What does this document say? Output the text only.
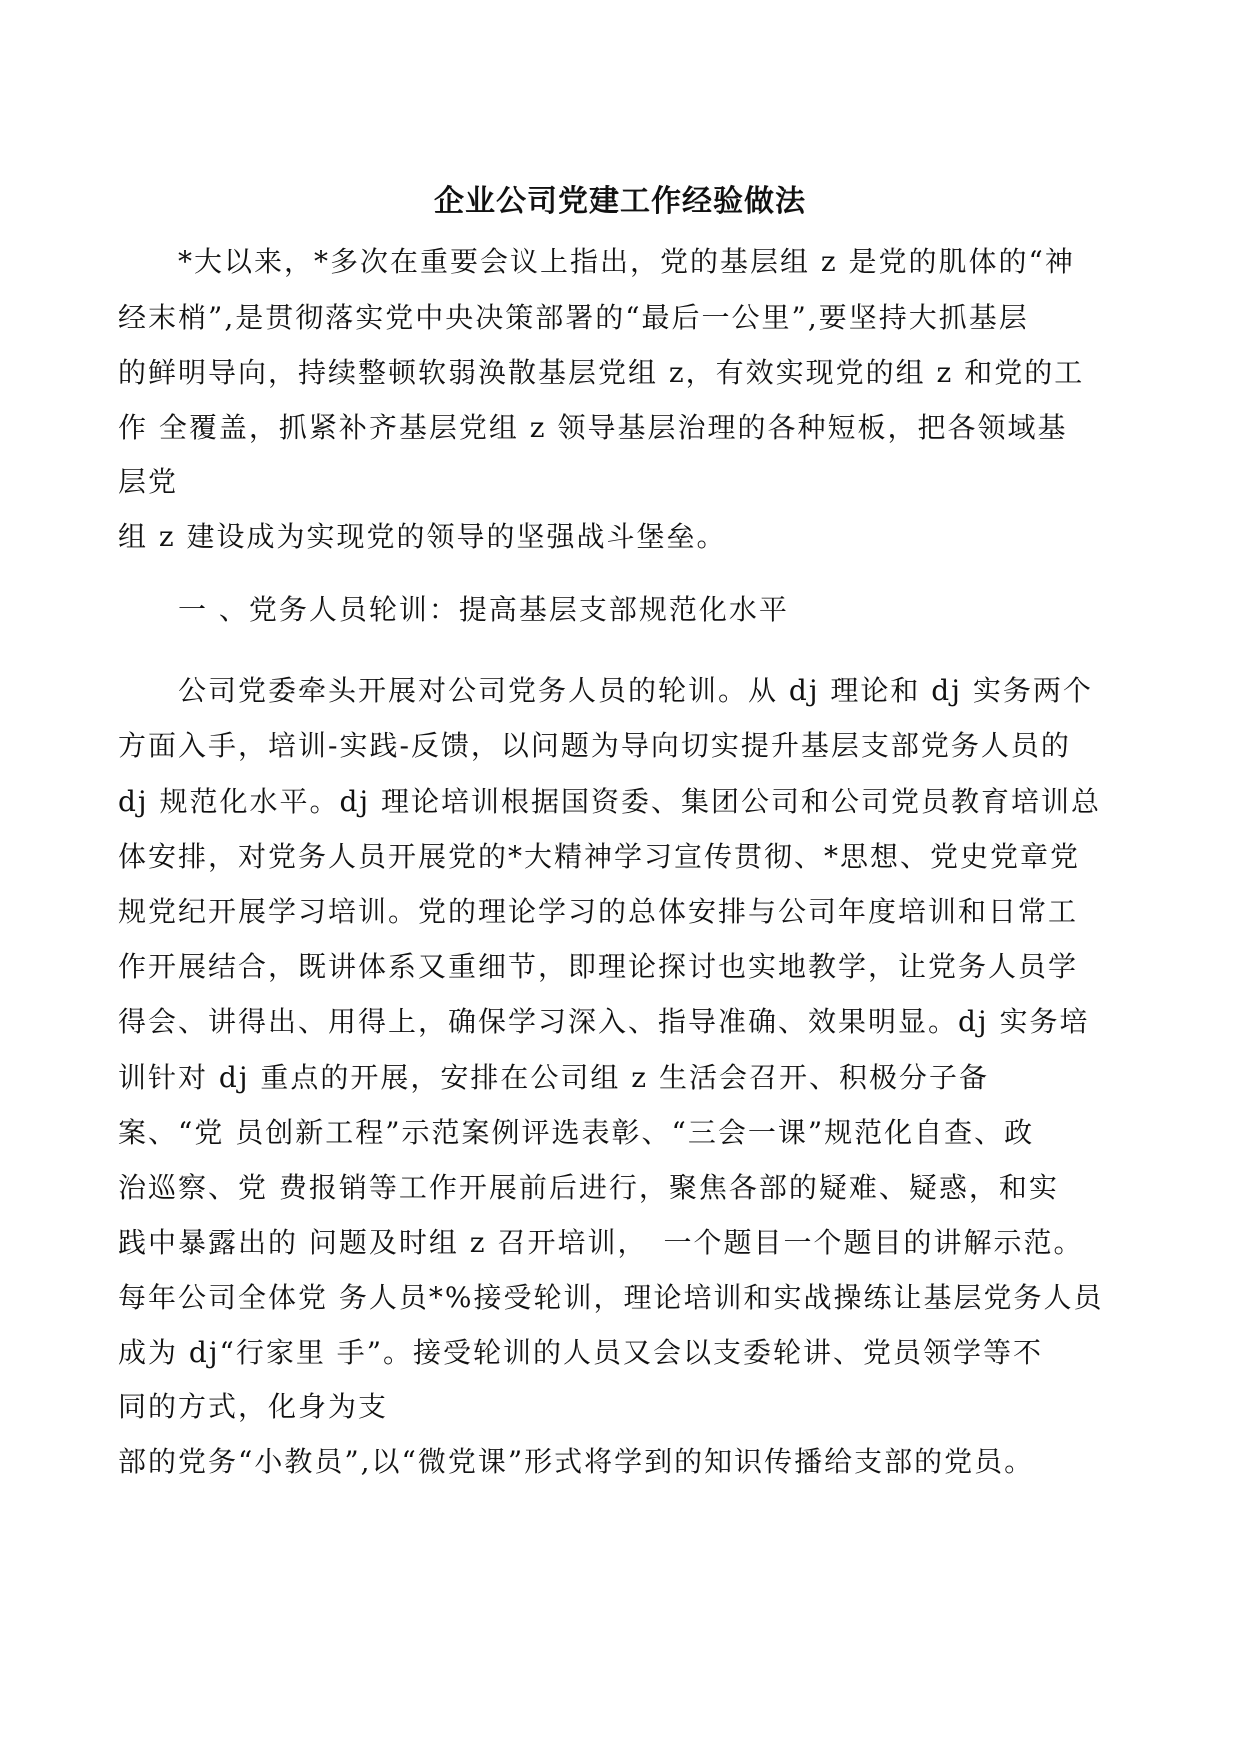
企业公司党建工作经验做法
　　*大以来，*多次在重要会议上指出，党的基层组 z 是党的肌体的“神
经末梢”,是贯彻落实党中央决策部署的“最后一公里”,要坚持大抓基层
的鲜明导向，持续整顿软弱涣散基层党组 z，有效实现党的组 z 和党的工
作 全覆盖，抓紧补齐基层党组 z 领导基层治理的各种短板，把各领域基
层党
组 z 建设成为实现党的领导的坚强战斗堡垒。
　　一 、党务人员轮训：提高基层支部规范化水平
　　公司党委牵头开展对公司党务人员的轮训。从 dj 理论和 dj 实务两个
方面入手，培训-实践-反馈，以问题为导向切实提升基层支部党务人员的
dj 规范化水平。dj 理论培训根据国资委、集团公司和公司党员教育培训总
体安排，对党务人员开展党的*大精神学习宣传贯彻、*思想、党史党章党
规党纪开展学习培训。党的理论学习的总体安排与公司年度培训和日常工
作开展结合，既讲体系又重细节，即理论探讨也实地教学，让党务人员学
得会、讲得出、用得上，确保学习深入、指导准确、效果明显。dj 实务培
训针对 dj 重点的开展，安排在公司组 z 生活会召开、积极分子备
案、“党 员创新工程”示范案例评选表彰、“三会一课”规范化自查、政
治巡察、党 费报销等工作开展前后进行，聚焦各部的疑难、疑惑，和实
践中暴露出的 问题及时组 z 召开培训，　一个题目一个题目的讲解示范。
每年公司全体党 务人员*%接受轮训，理论培训和实战操练让基层党务人员
成为 dj“行家里 手”。接受轮训的人员又会以支委轮讲、党员领学等不
同的方式，化身为支
部的党务“小教员”,以“微党课”形式将学到的知识传播给支部的党员。
